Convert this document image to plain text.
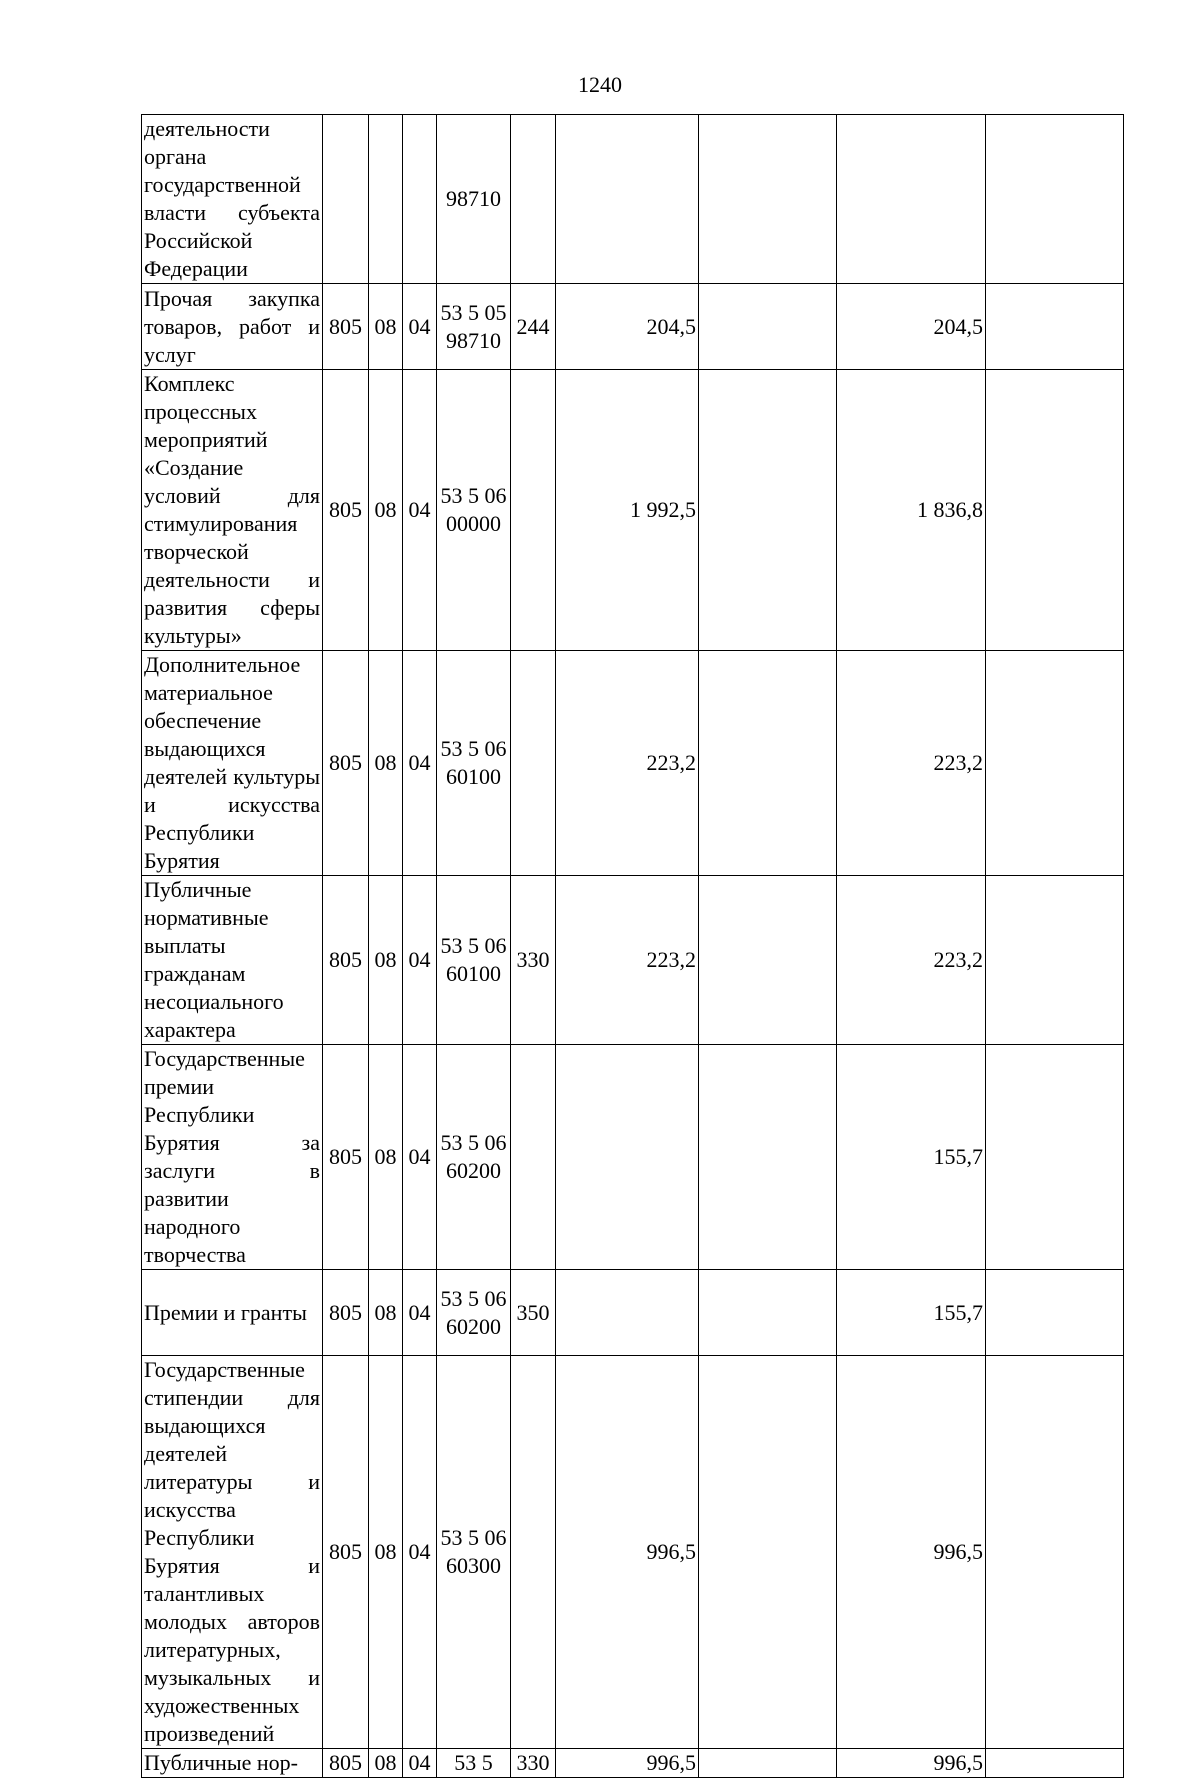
1240
деятельности органа государственной власти субъекта Российской Федерации				98710					
Прочая закупка товаров, работ и услуг	805	08	04	53 5 05 98710	244	204,5		204,5	
Комплекс процессных мероприятий «Создание условий для стимулирования творческой деятельности и развития сферы культуры»	805	08	04	53 5 06 00000		1 992,5		1 836,8	
Дополнительное материальное обеспечение выдающихся деятелей культуры и искусства Республики Бурятия	805	08	04	53 5 06 60100		223,2		223,2	
Публичные нормативные выплаты гражданам несоциального характера	805	08	04	53 5 06 60100	330	223,2		223,2	
Государственные премии Республики Бурятия за заслуги в развитии народного творчества	805	08	04	53 5 06 60200				155,7	
Премии и гранты	805	08	04	53 5 06 60200	350			155,7	
Государственные стипендии для выдающихся деятелей литературы и искусства Республики Бурятия и талантливых молодых авторов литературных, музыкальных и художественных произведений	805	08	04	53 5 06 60300		996,5		996,5	
Публичные нор-	805	08	04	53 5	330	996,5		996,5	
